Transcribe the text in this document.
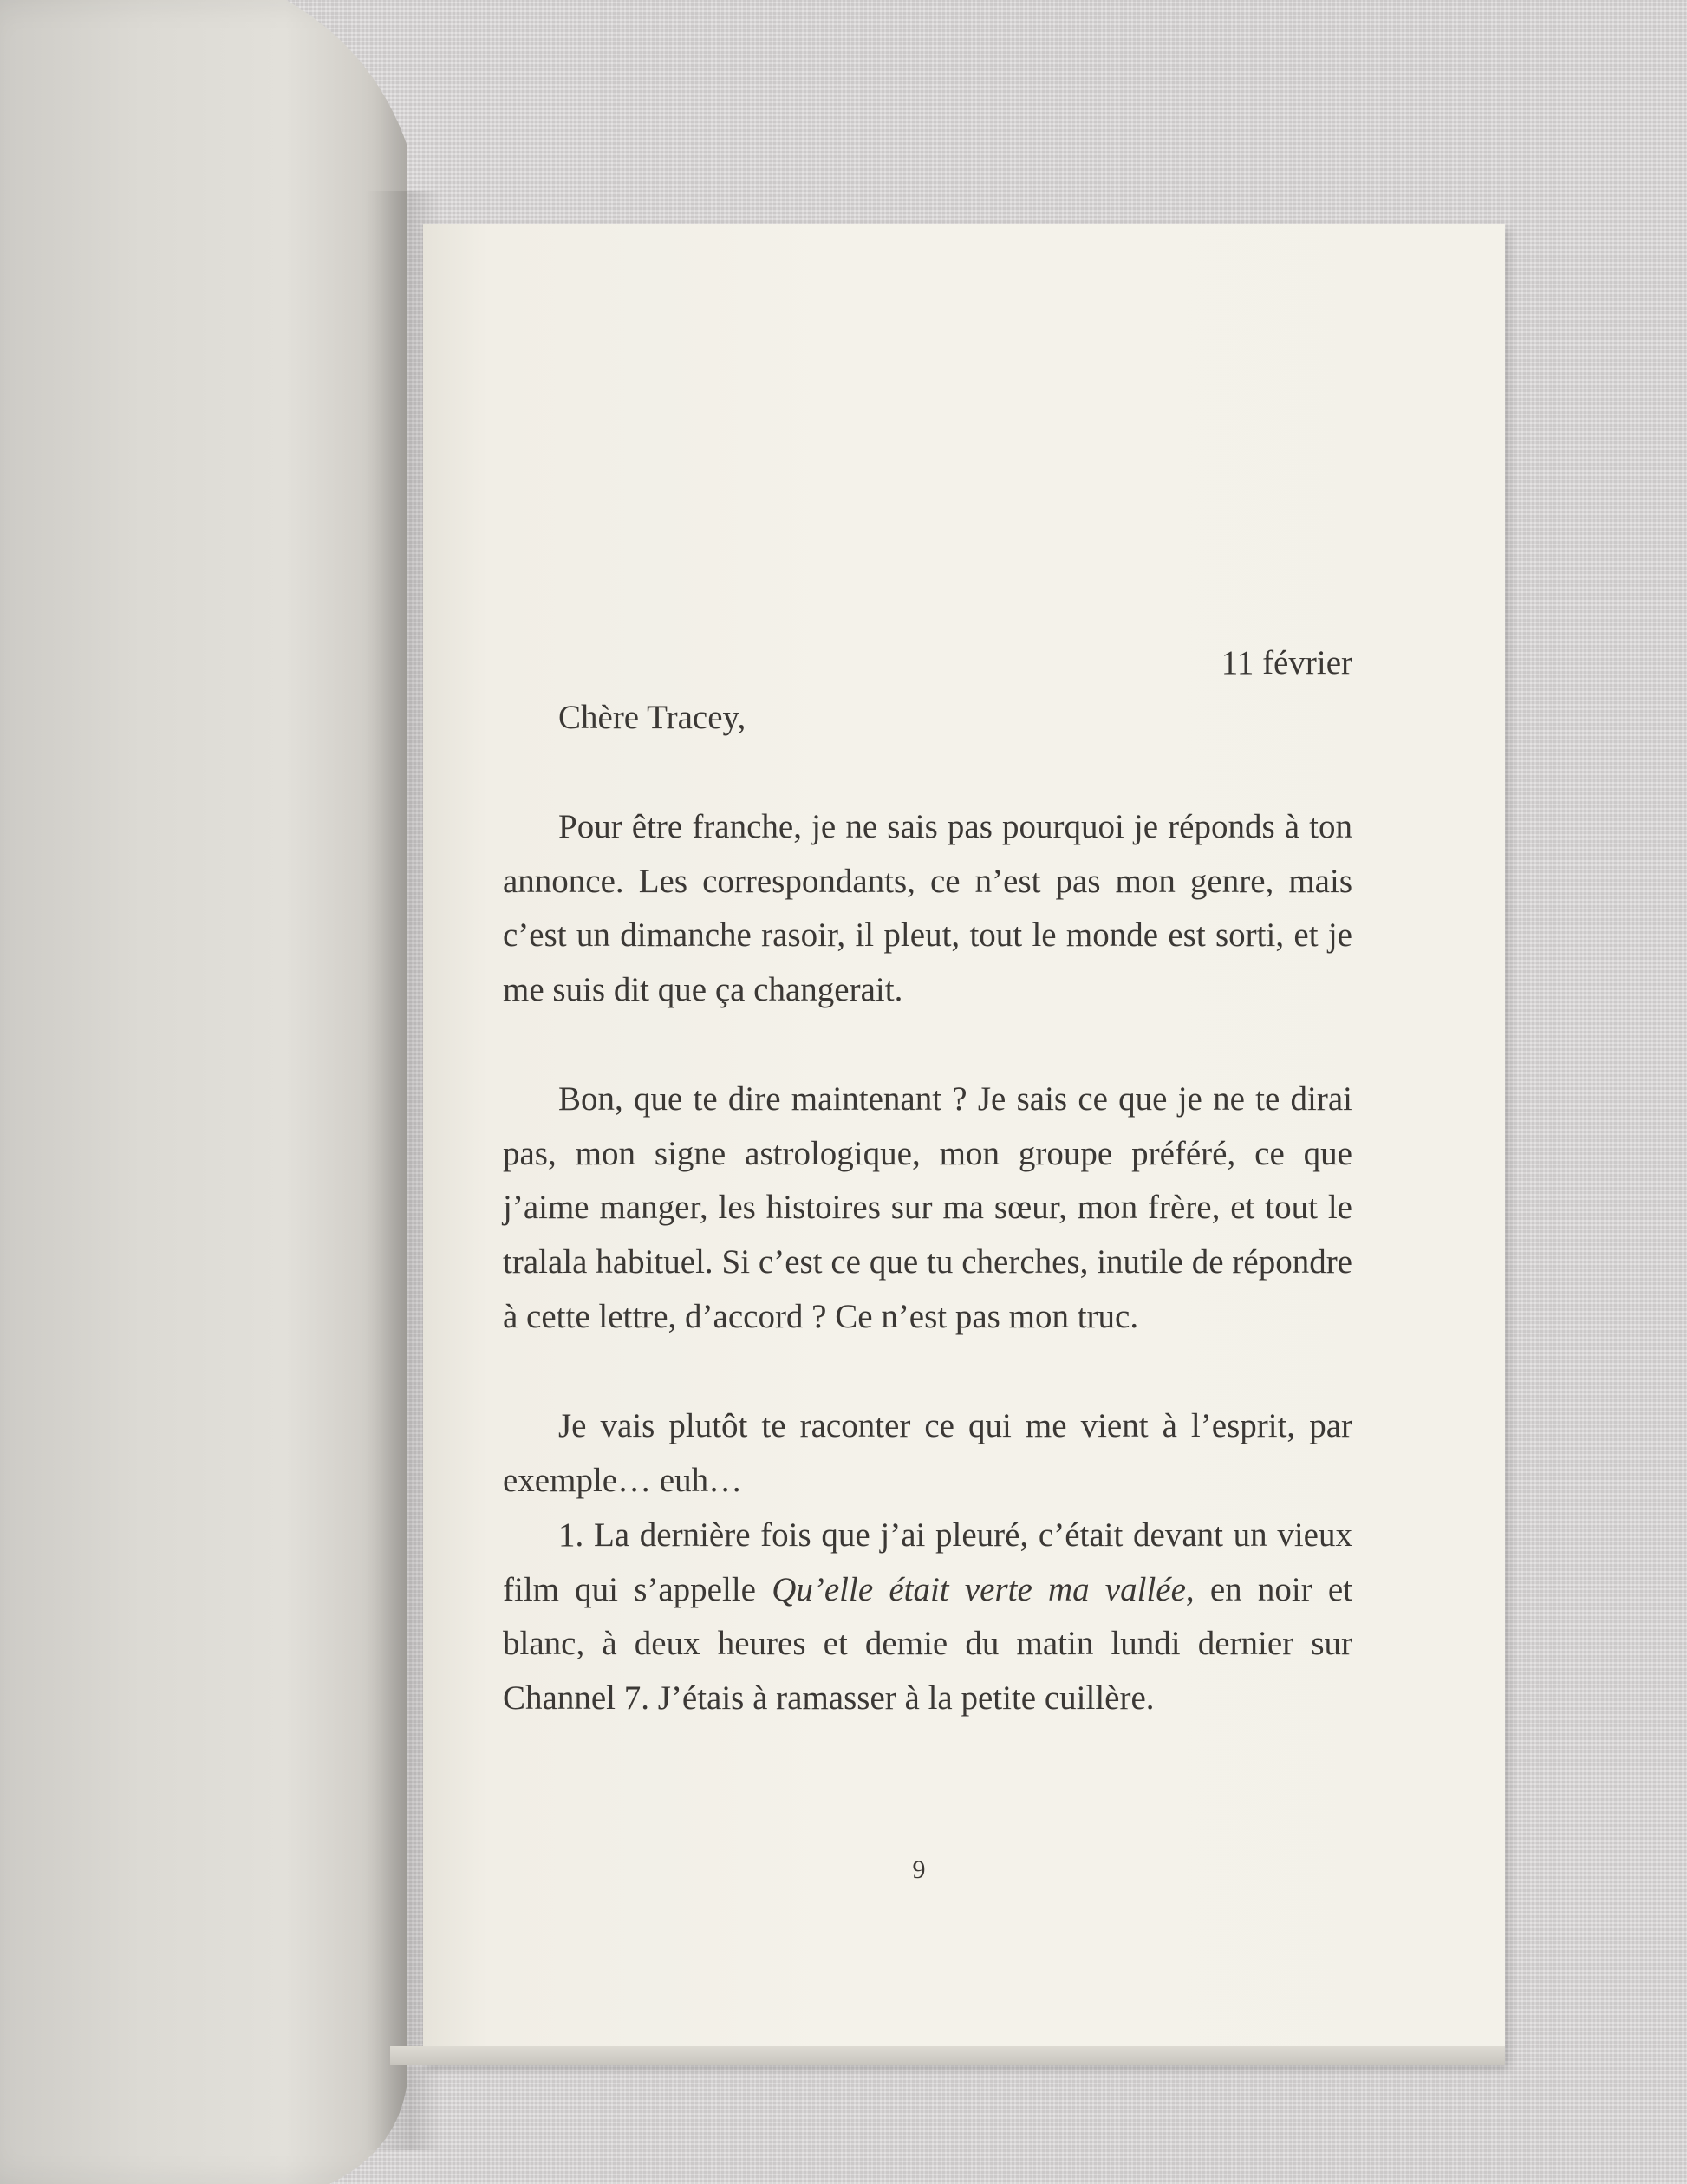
11 février

Chère Tracey,

Pour être franche, je ne sais pas pourquoi je réponds à ton annonce. Les correspondants, ce n’est pas mon genre, mais c’est un dimanche rasoir, il pleut, tout le monde est sorti, et je me suis dit que ça changerait.

Bon, que te dire maintenant ? Je sais ce que je ne te dirai pas, mon signe astrologique, mon groupe préféré, ce que j’aime manger, les histoires sur ma sœur, mon frère, et tout le tralala habituel. Si c’est ce que tu cherches, inutile de répondre à cette lettre, d’accord ? Ce n’est pas mon truc.

Je vais plutôt te raconter ce qui me vient à l’esprit, par exemple… euh…

1. La dernière fois que j’ai pleuré, c’était devant un vieux film qui s’appelle Qu’elle était verte ma vallée, en noir et blanc, à deux heures et demie du matin lundi dernier sur Channel 7. J’étais à ramasser à la petite cuillère.

9
